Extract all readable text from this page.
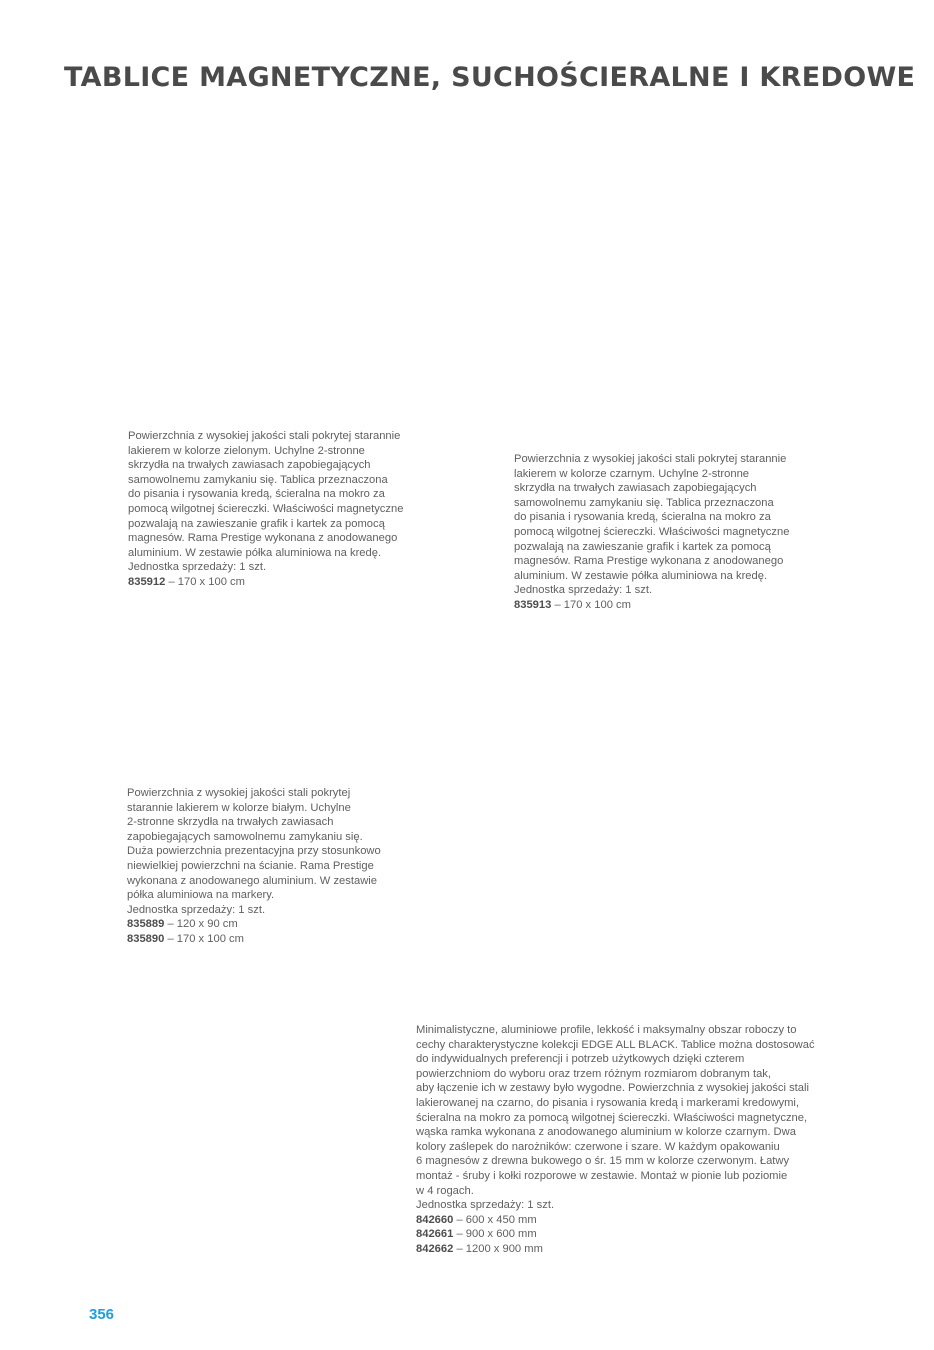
TABLICE MAGNETYCZNE, SUCHOŚCIERALNE I KREDOWE
Powierzchnia z wysokiej jakości stali pokrytej starannie
lakierem w kolorze zielonym. Uchylne 2-stronne
skrzydła na trwałych zawiasach zapobiegających
samowolnemu zamykaniu się. Tablica przeznaczona
do pisania i rysowania kredą, ścieralna na mokro za
pomocą wilgotnej ściereczki. Właściwości magnetyczne
pozwalają na zawieszanie grafik i kartek za pomocą
magnesów. Rama Prestige wykonana z anodowanego
aluminium. W zestawie półka aluminiowa na kredę.
Jednostka sprzedaży: 1 szt.
835912 – 170 x 100 cm
Powierzchnia z wysokiej jakości stali pokrytej starannie
lakierem w kolorze czarnym. Uchylne 2-stronne
skrzydła na trwałych zawiasach zapobiegających
samowolnemu zamykaniu się. Tablica przeznaczona
do pisania i rysowania kredą, ścieralna na mokro za
pomocą wilgotnej ściereczki. Właściwości magnetyczne
pozwalają na zawieszanie grafik i kartek za pomocą
magnesów. Rama Prestige wykonana z anodowanego
aluminium. W zestawie półka aluminiowa na kredę.
Jednostka sprzedaży: 1 szt.
835913 – 170 x 100 cm
Powierzchnia z wysokiej jakości stali pokrytej
starannie lakierem w kolorze białym. Uchylne
2-stronne skrzydła na trwałych zawiasach
zapobiegających samowolnemu zamykaniu się.
Duża powierzchnia prezentacyjna przy stosunkowo
niewielkiej powierzchni na ścianie. Rama Prestige
wykonana z anodowanego aluminium. W zestawie
półka aluminiowa na markery.
Jednostka sprzedaży: 1 szt.
835889 – 120 x 90 cm
835890 – 170 x 100 cm
Minimalistyczne, aluminiowe profile, lekkość i maksymalny obszar roboczy to
cechy charakterystyczne kolekcji EDGE ALL BLACK. Tablice można dostosować
do indywidualnych preferencji i potrzeb użytkowych dzięki czterem
powierzchniom do wyboru oraz trzem różnym rozmiarom dobranym tak,
aby łączenie ich w zestawy było wygodne. Powierzchnia z wysokiej jakości stali
lakierowanej na czarno, do pisania i rysowania kredą i markerami kredowymi,
ścieralna na mokro za pomocą wilgotnej ściereczki. Właściwości magnetyczne,
wąska ramka wykonana z anodowanego aluminium w kolorze czarnym. Dwa
kolory zaślepek do narożników: czerwone i szare. W każdym opakowaniu
6 magnesów z drewna bukowego o śr. 15 mm w kolorze czerwonym. Łatwy
montaż - śruby i kołki rozporowe w zestawie. Montaż w pionie lub poziomie
w 4 rogach.
Jednostka sprzedaży: 1 szt.
842660 – 600 x 450 mm
842661 – 900 x 600 mm
842662 – 1200 x 900 mm
356
